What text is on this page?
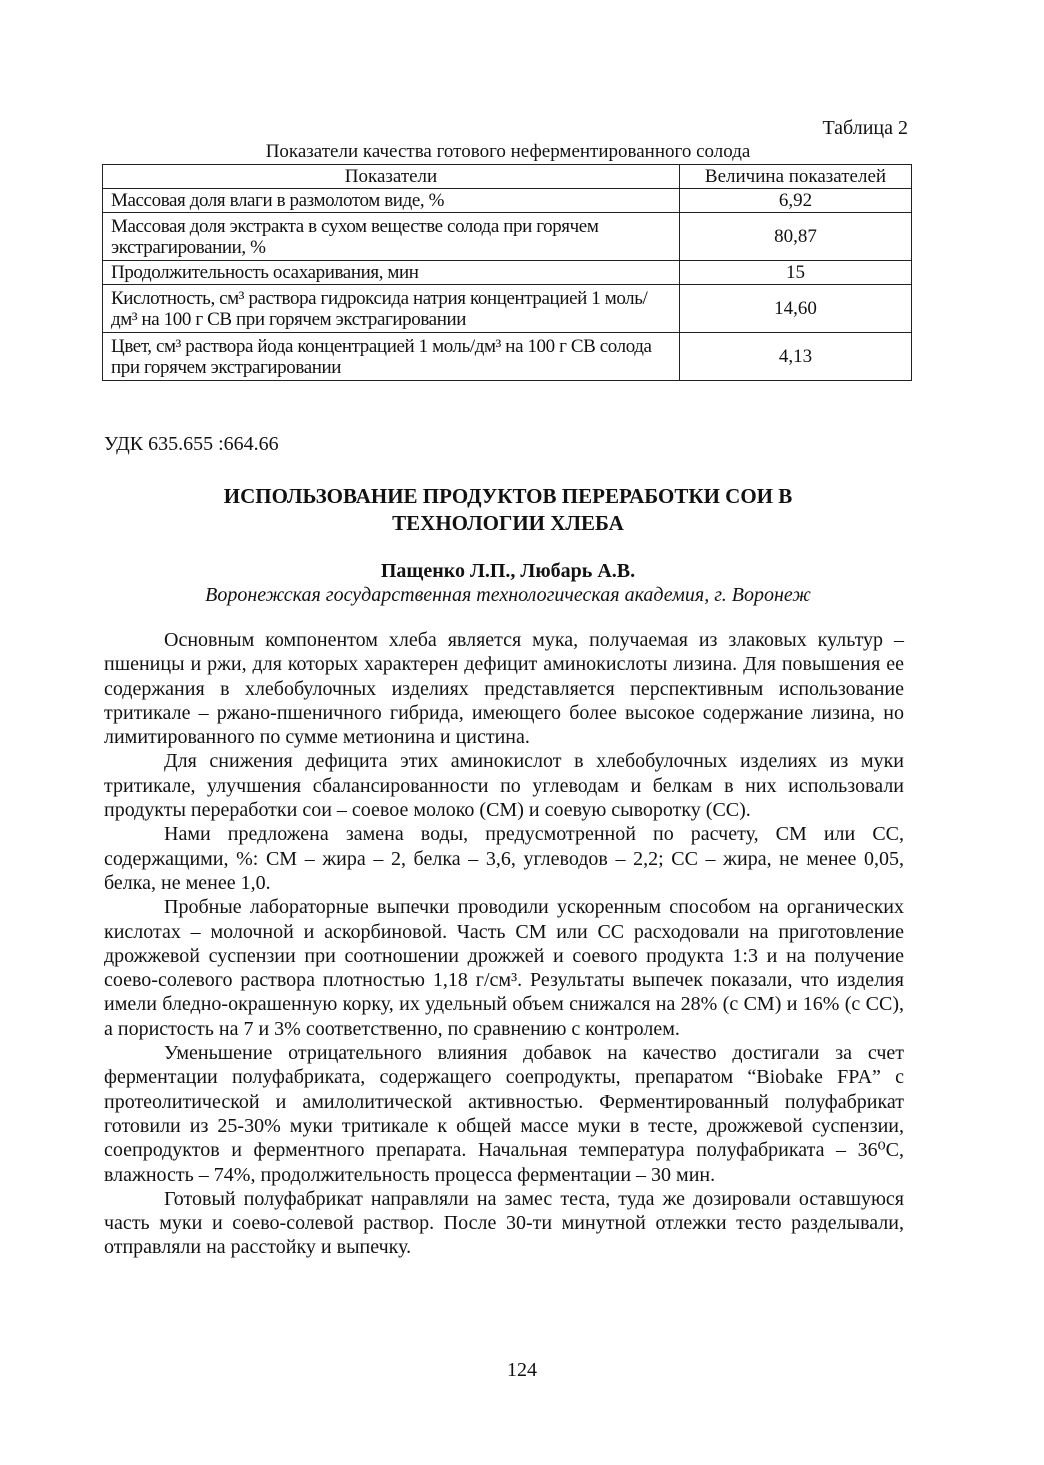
Таблица 2
Показатели качества готового неферментированного солода
Показатели	Величина показателей
Массовая доля влаги в размолотом виде, %	6,92
Массовая доля экстракта в сухом веществе солода при горячем экстрагировании, %	80,87
Продолжительность осахаривания, мин	15
Кислотность, см³ раствора гидроксида натрия концентрацией 1 моль/дм³ на 100 г СВ при горячем экстрагировании	14,60
Цвет, см³ раствора йода концентрацией 1 моль/дм³ на 100 г СВ солода при горячем экстрагировании	4,13
УДК 635.655 :664.66
ИСПОЛЬЗОВАНИЕ ПРОДУКТОВ ПЕРЕРАБОТКИ СОИ В
ТЕХНОЛОГИИ ХЛЕБА
Пащенко Л.П., Любарь А.В.
Воронежская государственная технологическая академия, г. Воронеж

Основным компонентом хлеба является мука, получаемая из злаковых культур – пшеницы и ржи, для которых характерен дефицит аминокислоты лизина. Для повышения ее содержания в хлебобулочных изделиях представляется перспективным использование тритикале – ржано-пшеничного гибрида, имеющего более высокое содержание лизина, но лимитированного по сумме метионина и цистина.

Для снижения дефицита этих аминокислот в хлебобулочных изделиях из муки тритикале, улучшения сбалансированности по углеводам и белкам в них использовали продукты переработки сои – соевое молоко (СМ) и соевую сыворотку (СС).

Нами предложена замена воды, предусмотренной по расчету, СМ или СС, содержащими, %: СМ – жира – 2, белка – 3,6, углеводов – 2,2; СС – жира, не менее 0,05, белка, не менее 1,0.

Пробные лабораторные выпечки проводили ускоренным способом на органических кислотах – молочной и аскорбиновой. Часть СМ или СС расходовали на приготовление дрожжевой суспензии при соотношении дрожжей и соевого продукта 1:3 и на получение соево-солевого раствора плотностью 1,18 г/см³. Результаты выпечек показали, что изделия имели бледно-окрашенную корку, их удельный объем снижался на 28% (с СМ) и 16% (с СС), а пористость на 7 и 3% соответственно, по сравнению с контролем.

Уменьшение отрицательного влияния добавок на качество достигали за счет ферментации полуфабриката, содержащего соепродукты, препаратом “Biobake FPA” с протеолитической и амилолитической активностью. Ферментированный полуфабрикат готовили из 25-30% муки тритикале к общей массе муки в тесте, дрожжевой суспензии, соепродуктов и ферментного препарата. Начальная температура полуфабриката – 36⁰С, влажность – 74%, продолжительность процесса ферментации – 30 мин.

Готовый полуфабрикат направляли на замес теста, туда же дозировали оставшуюся часть муки и соево-солевой раствор. После 30-ти минутной отлежки тесто разделывали, отправляли на расстойку и выпечку.

124
